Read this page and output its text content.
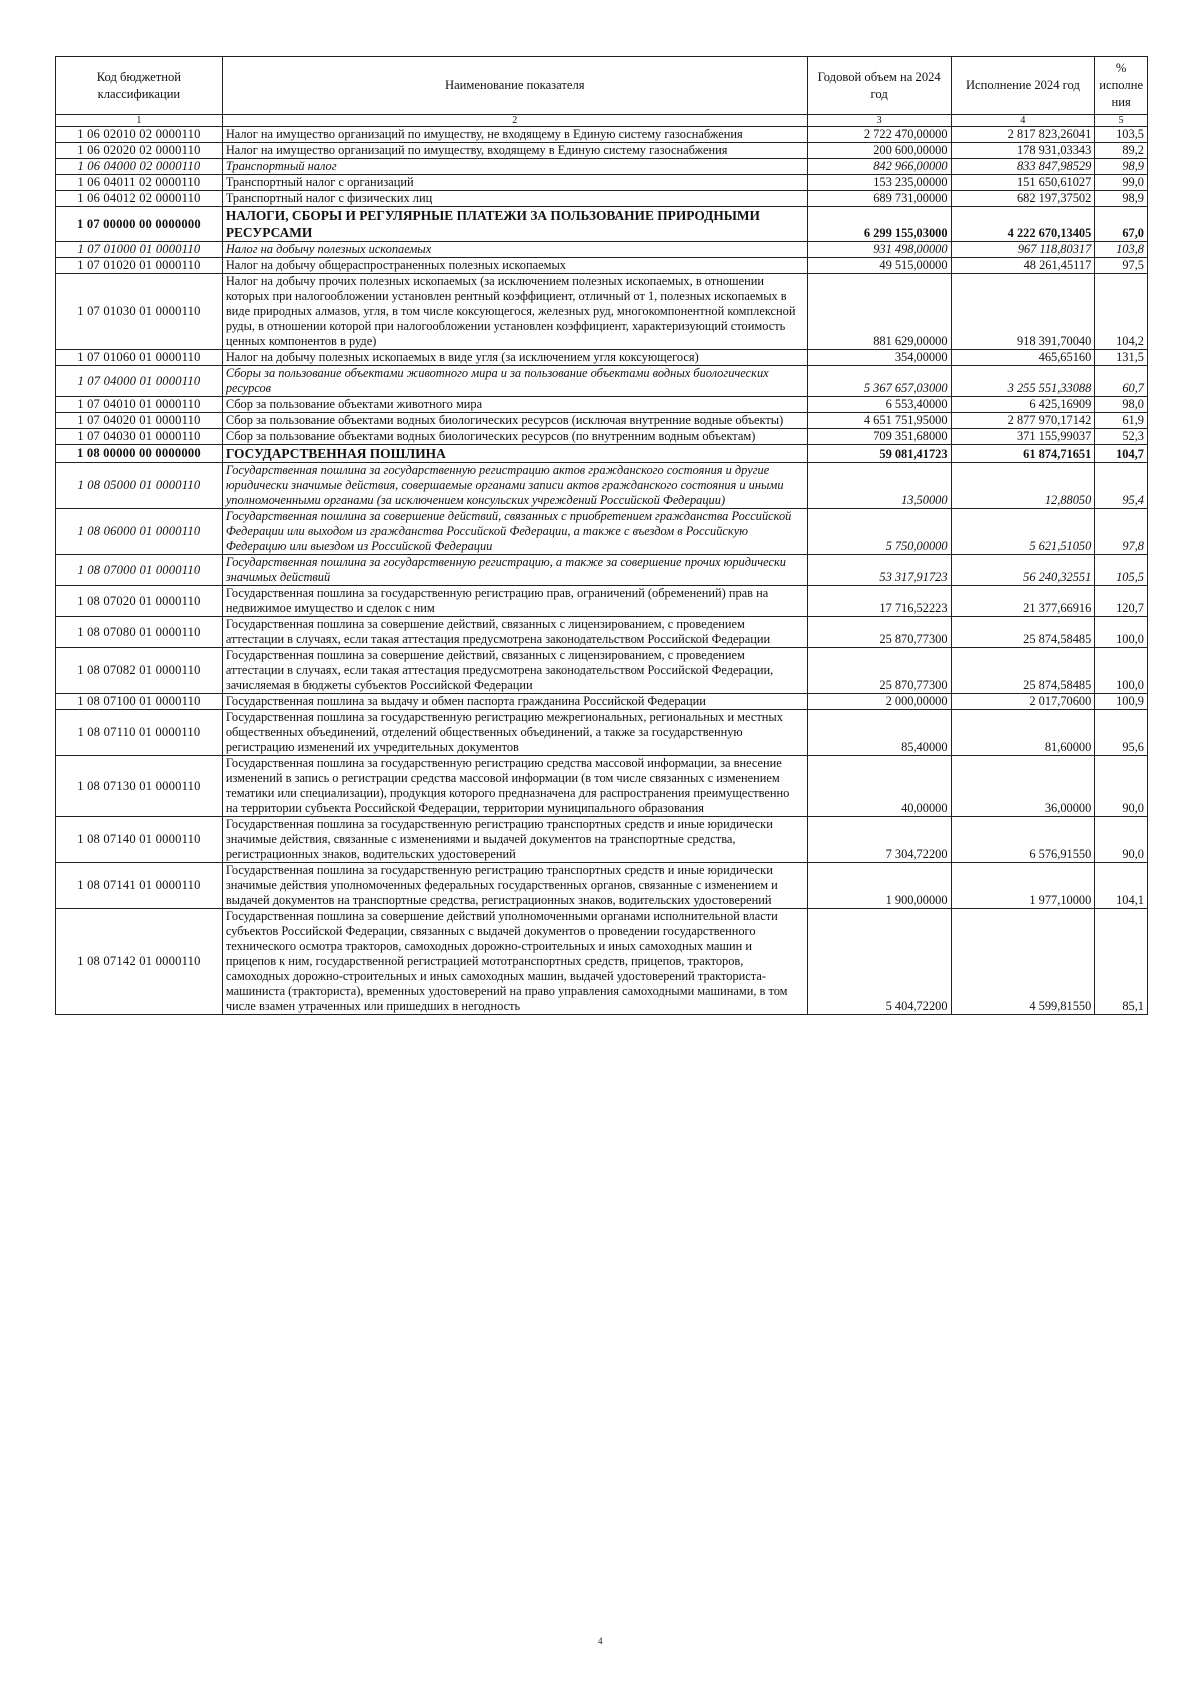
Код бюджетной классификации	Наименование показателя	Годовой объем на 2024 год	Исполнение 2024 год	% исполне ния
1	2	3	4	5
1 06 02010 02 0000110	Налог на имущество организаций по имуществу, не входящему в Единую систему газоснабжения	2 722 470,00000	2 817 823,26041	103,5
1 06 02020 02 0000110	Налог на имущество организаций по имуществу, входящему в Единую систему газоснабжения	200 600,00000	178 931,03343	89,2
1 06 04000 02 0000110	Транспортный налог	842 966,00000	833 847,98529	98,9
1 06 04011 02 0000110	Транспортный налог с организаций	153 235,00000	151 650,61027	99,0
1 06 04012 02 0000110	Транспортный налог с физических лиц	689 731,00000	682 197,37502	98,9
1 07 00000 00 0000000	НАЛОГИ, СБОРЫ И РЕГУЛЯРНЫЕ ПЛАТЕЖИ ЗА ПОЛЬЗОВАНИЕ ПРИРОДНЫМИ РЕСУРСАМИ	6 299 155,03000	4 222 670,13405	67,0
1 07 01000 01 0000110	Налог на добычу полезных ископаемых	931 498,00000	967 118,80317	103,8
1 07 01020 01 0000110	Налог на добычу общераспространенных полезных ископаемых	49 515,00000	48 261,45117	97,5
1 07 01030 01 0000110	Налог на добычу прочих полезных ископаемых (за исключением полезных ископаемых, в отношении которых при налогообложении установлен рентный коэффициент, отличный от 1, полезных ископаемых в виде природных алмазов, угля, в том числе коксующегося, железных руд, многокомпонентной комплексной руды, в отношении которой при налогообложении установлен коэффициент, характеризующий стоимость ценных компонентов в руде)	881 629,00000	918 391,70040	104,2
1 07 01060 01 0000110	Налог на добычу полезных ископаемых в виде угля (за исключением угля коксующегося)	354,00000	465,65160	131,5
1 07 04000 01 0000110	Сборы за пользование объектами животного мира и за пользование объектами водных биологических ресурсов	5 367 657,03000	3 255 551,33088	60,7
1 07 04010 01 0000110	Сбор за пользование объектами животного мира	6 553,40000	6 425,16909	98,0
1 07 04020 01 0000110	Сбор за пользование объектами водных биологических ресурсов (исключая внутренние водные объекты)	4 651 751,95000	2 877 970,17142	61,9
1 07 04030 01 0000110	Сбор за пользование объектами водных биологических ресурсов (по внутренним водным объектам)	709 351,68000	371 155,99037	52,3
1 08 00000 00 0000000	ГОСУДАРСТВЕННАЯ ПОШЛИНА	59 081,41723	61 874,71651	104,7
1 08 05000 01 0000110	Государственная пошлина за государственную регистрацию актов гражданского состояния и другие юридически значимые действия, совершаемые органами записи актов гражданского состояния и иными уполномоченными органами (за исключением консульских учреждений Российской Федерации)	13,50000	12,88050	95,4
1 08 06000 01 0000110	Государственная пошлина за совершение действий, связанных с приобретением гражданства Российской Федерации или выходом из гражданства Российской Федерации, а также с въездом в Российскую Федерацию или выездом из Российской Федерации	5 750,00000	5 621,51050	97,8
1 08 07000 01 0000110	Государственная пошлина за государственную регистрацию, а также за совершение прочих юридически значимых действий	53 317,91723	56 240,32551	105,5
1 08 07020 01 0000110	Государственная пошлина за государственную регистрацию прав, ограничений (обременений) прав на недвижимое имущество и сделок с ним	17 716,52223	21 377,66916	120,7
1 08 07080 01 0000110	Государственная пошлина за совершение действий, связанных с лицензированием, с проведением аттестации в случаях, если такая аттестация предусмотрена законодательством Российской Федерации	25 870,77300	25 874,58485	100,0
1 08 07082 01 0000110	Государственная пошлина за совершение действий, связанных с лицензированием, с проведением аттестации в случаях, если такая аттестация предусмотрена законодательством Российской Федерации, зачисляемая в бюджеты субъектов Российской Федерации	25 870,77300	25 874,58485	100,0
1 08 07100 01 0000110	Государственная пошлина за выдачу и обмен паспорта гражданина Российской Федерации	2 000,00000	2 017,70600	100,9
1 08 07110 01 0000110	Государственная пошлина за государственную регистрацию межрегиональных, региональных и местных общественных объединений, отделений общественных объединений, а также за государственную регистрацию изменений их учредительных документов	85,40000	81,60000	95,6
1 08 07130 01 0000110	Государственная пошлина за государственную регистрацию средства массовой информации, за внесение изменений в запись о регистрации средства массовой информации (в том числе связанных с изменением тематики или специализации), продукция которого предназначена для распространения преимущественно на территории субъекта Российской Федерации, территории муниципального образования	40,00000	36,00000	90,0
1 08 07140 01 0000110	Государственная пошлина за государственную регистрацию транспортных средств и иные юридически значимые действия, связанные с изменениями и выдачей документов на транспортные средства, регистрационных знаков, водительских удостоверений	7 304,72200	6 576,91550	90,0
1 08 07141 01 0000110	Государственная пошлина за государственную регистрацию транспортных средств и иные юридически значимые действия уполномоченных федеральных государственных органов, связанные с изменением и выдачей документов на транспортные средства, регистрационных знаков, водительских удостоверений	1 900,00000	1 977,10000	104,1
1 08 07142 01 0000110	Государственная пошлина за совершение действий уполномоченными органами исполнительной власти субъектов Российской Федерации, связанных с выдачей документов о проведении государственного технического осмотра тракторов, самоходных дорожно-строительных и иных самоходных машин и прицепов к ним, государственной регистрацией мототранспортных средств, прицепов, тракторов, самоходных дорожно-строительных и иных самоходных машин, выдачей удостоверений тракториста-машиниста (тракториста), временных удостоверений на право управления самоходными машинами, в том числе взамен утраченных или пришедших в негодность	5 404,72200	4 599,81550	85,1
4
